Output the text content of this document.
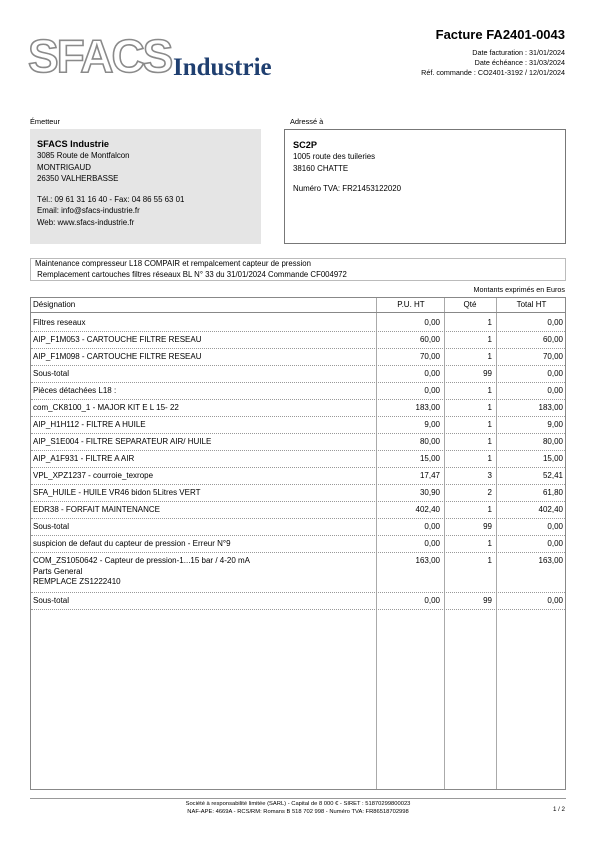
SFACS Industrie
Facture FA2401-0043
Date facturation : 31/01/2024
Date échéance : 31/03/2024
Réf. commande : CO2401-3192 / 12/01/2024
Émetteur	Adressé à
SFACS Industrie
3085 Route de Montfalcon
MONTRIGAUD
26350 VALHERBASSE
Tél.: 09 61 31 16 40 - Fax: 04 86 55 63 01
Email: info@sfacs-industrie.fr
Web: www.sfacs-industrie.fr
SC2P
1005 route des tuileries
38160 CHATTE
Numéro TVA: FR21453122020
Maintenance compresseur L18 COMPAIR et rempalcement capteur de pression
Remplacement cartouches filtres réseaux BL N° 33 du 31/01/2024 Commande CF004972
Montants exprimés en Euros
Désignation	P.U. HT	Qté	Total HT
Filtres reseaux	0,00	1	0,00
AIP_F1M053 - CARTOUCHE FILTRE RESEAU	60,00	1	60,00
AIP_F1M098 - CARTOUCHE FILTRE RESEAU	70,00	1	70,00
Sous-total	0,00	99	0,00
Pièces détachées L18 :	0,00	1	0,00
com_CK8100_1 - MAJOR KIT E L 15- 22	183,00	1	183,00
AIP_H1H112 - FILTRE A HUILE	9,00	1	9,00
AIP_S1E004 - FILTRE SEPARATEUR AIR/ HUILE	80,00	1	80,00
AIP_A1F931 - FILTRE A AIR	15,00	1	15,00
VPL_XPZ1237 - courroie_texrope	17,47	3	52,41
SFA_HUILE - HUILE VR46 bidon 5Litres VERT	30,90	2	61,80
EDR38 - FORFAIT MAINTENANCE	402,40	1	402,40
Sous-total	0,00	99	0,00
suspicion de defaut du capteur de pression - Erreur N°9	0,00	1	0,00
COM_ZS1050642 - Capteur de pression-1...15 bar / 4-20 mA
Parts General
REMPLACE ZS1222410
163,00	1	163,00
Sous-total	0,00	99	0,00
Société à responsabilité limitée (SARL) - Capital de 8 000 € - SIRET : 51870299800023
NAF-APE: 4669A - RCS/RM: Romans B 518 702 998 - Numéro TVA: FR86518702998	1 / 2
